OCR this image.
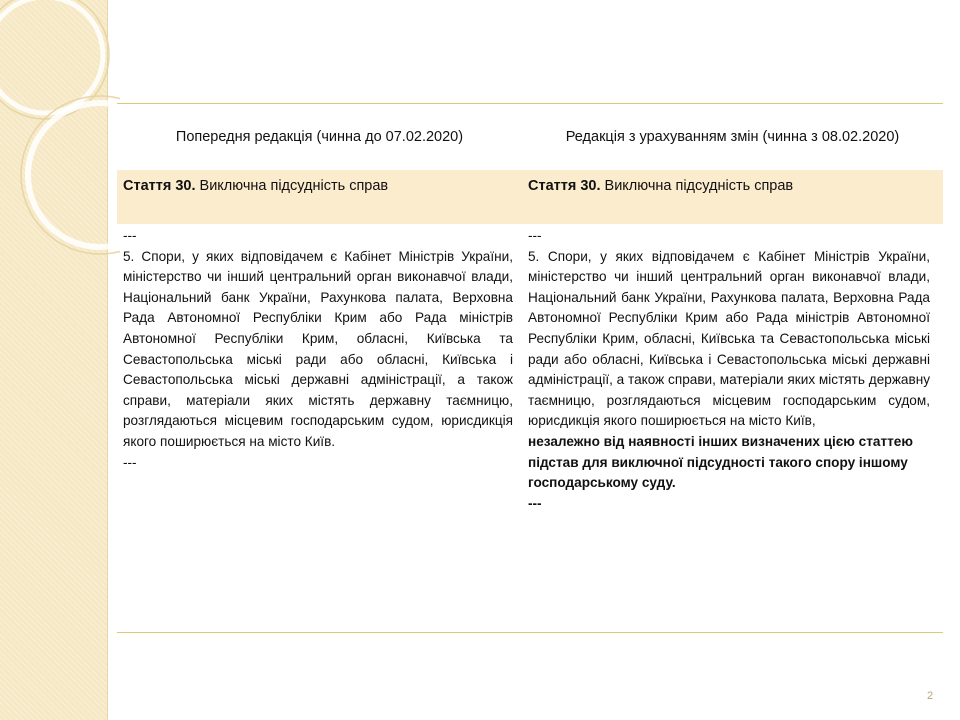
Попередня редакція (чинна до 07.02.2020)	Редакція з урахуванням змін (чинна з 08.02.2020)
Стаття 30. Виключна підсудність справ	Стаття 30. Виключна підсудність справ

---

5. Спори, у яких відповідачем є Кабінет Міністрів України, міністерство чи інший центральний орган виконавчої влади, Національний банк України, Рахункова палата, Верховна Рада Автономної Республіки Крим або Рада міністрів Автономної Республіки Крим, обласні, Київська та Севастопольська міські ради або обласні, Київська і Севастопольська міські державні адміністрації, а також справи, матеріали яких містять державну таємницю, розглядаються місцевим господарським судом, юрисдикція якого поширюється на місто Київ.

---

---

5. Спори, у яких відповідачем є Кабінет Міністрів України, міністерство чи інший центральний орган виконавчої влади, Національний банк України, Рахункова палата, Верховна Рада Автономної Республіки Крим або Рада міністрів Автономної Республіки Крим, обласні, Київська та Севастопольська міські ради або обласні, Київська і Севастопольська міські державні адміністрації, а також справи, матеріали яких містять державну таємницю, розглядаються місцевим господарським судом, юрисдикція якого поширюється на місто Київ,

незалежно від наявності інших визначених цією статтею підстав для виключної підсудності такого спору іншому господарському суду.

---

2
